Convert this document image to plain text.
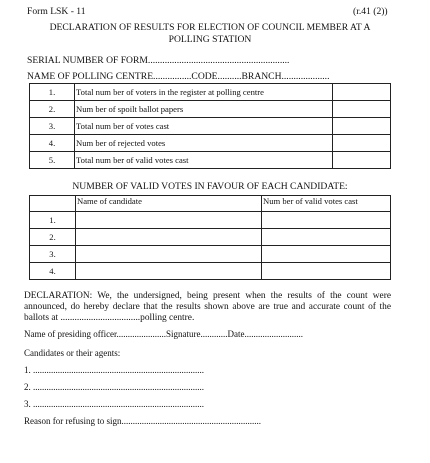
Form LSK - 11	(r.41 (2))
DECLARATION OF RESULTS FOR ELECTION OF COUNCIL MEMBER AT A
POLLING STATION
SERIAL NUMBER OF FORM...........................................................
NAME OF POLLING CENTRE................CODE..........BRANCH....................
1.	Total num ber of voters in the register at polling centre	
2.	Num ber of spoilt ballot papers	
3.	Total num ber of votes cast	
4.	Num ber of rejected votes	
5.	Total num ber of valid votes cast	
NUMBER OF VALID VOTES IN FAVOUR OF EACH CANDIDATE:
	Name of candidate	Num ber of valid votes cast
1.		
2.		
3.		
4.		
DECLARATION: We, the undersigned, being present when the results of the count were announced, do hereby declare that the results shown above are true and accurate count of the ballots at ..................................polling centre.
Name of presiding officer......................Signature............Date..........................
Candidates or their agents:
1. ............................................................................
2. ............................................................................
3. ............................................................................
Reason for refusing to sign..............................................................
